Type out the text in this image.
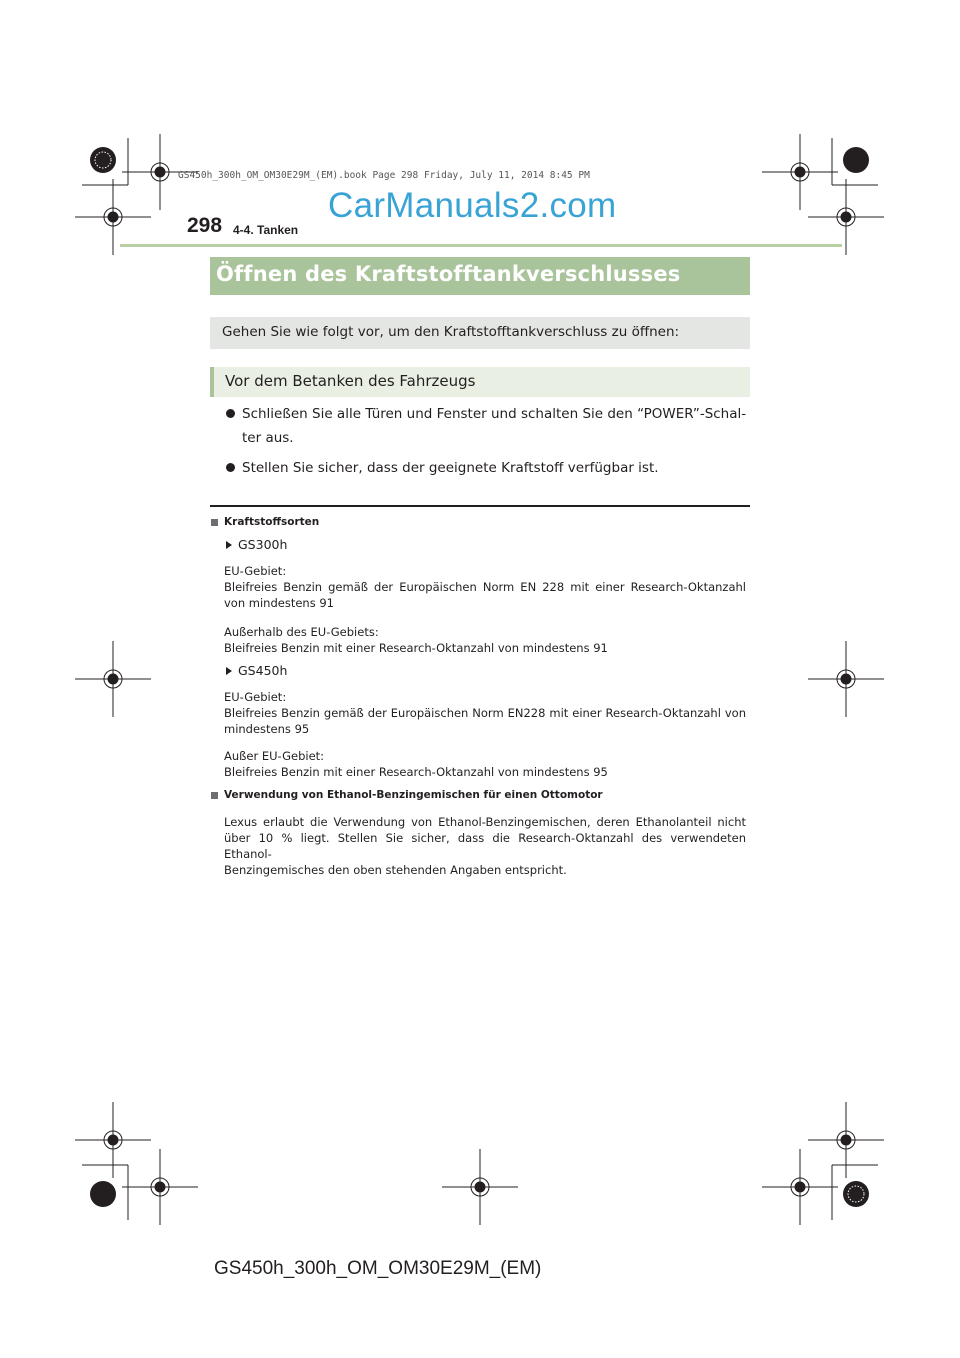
GS450h_300h_OM_OM30E29M_(EM).book Page 298 Friday, July 11, 2014 8:45 PM
CarManuals2.com
298 4-4. Tanken
Öffnen des Kraftstofftankverschlusses
Gehen Sie wie folgt vor, um den Kraftstofftankverschluss zu öffnen:
Vor dem Betanken des Fahrzeugs
Schließen Sie alle Türen und Fenster und schalten Sie den “POWER”-Schal-
ter aus.
Stellen Sie sicher, dass der geeignete Kraftstoff verfügbar ist.
Kraftstoffsorten
GS300h
EU-Gebiet:
Bleifreies Benzin gemäß der Europäischen Norm EN 228 mit einer Research-Oktanzahl
von mindestens 91
Außerhalb des EU-Gebiets:
Bleifreies Benzin mit einer Research-Oktanzahl von mindestens 91
GS450h
EU-Gebiet:
Bleifreies Benzin gemäß der Europäischen Norm EN228 mit einer Research-Oktanzahl von
mindestens 95
Außer EU-Gebiet:
Bleifreies Benzin mit einer Research-Oktanzahl von mindestens 95
Verwendung von Ethanol-Benzingemischen für einen Ottomotor
Lexus erlaubt die Verwendung von Ethanol-Benzingemischen, deren Ethanolanteil nicht
über 10 % liegt. Stellen Sie sicher, dass die Research-Oktanzahl des verwendeten Ethanol-
Benzingemisches den oben stehenden Angaben entspricht.
GS450h_300h_OM_OM30E29M_(EM)
